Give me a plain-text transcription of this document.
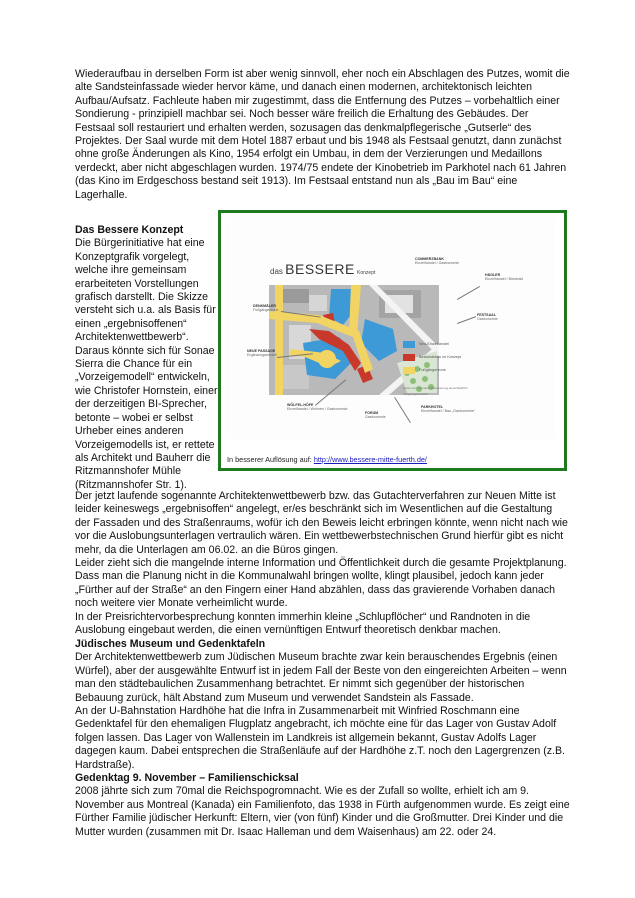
Wiederaufbau in derselben Form ist aber wenig sinnvoll, eher noch ein Abschlagen des Putzes, womit die alte Sandsteinfassade wieder hervor käme, und danach einen modernen, architektonisch leichten Aufbau/Aufsatz. Fachleute haben mir zugestimmt, dass die Entfernung des Putzes – vorbehaltlich einer Sondierung - prinzipiell machbar sei. Noch besser wäre freilich die Erhaltung des Gebäudes. Der Festsaal soll restauriert und erhalten werden, sozusagen das denkmalpflegerische „Gutserle“ des Projektes. Der Saal wurde mit dem Hotel 1887 erbaut und bis 1948 als Festsaal genutzt, dann zunächst ohne große Änderungen als Kino, 1954 erfolgt ein Umbau, in dem der Verzierungen und Medaillons verdeckt, aber nicht abgeschlagen wurden. 1974/75 endete der Kinobetrieb im Parkhotel nach 61 Jahren (das Kino im Erdgeschoss bestand seit 1913). Im Festsaal entstand nun als „Bau im Bau“ eine Lagerhalle.
Das Bessere Konzept
Die Bürgerinitiative hat eine Konzeptgrafik vorgelegt, welche ihre gemeinsam erarbeiteten Vorstellungen grafisch darstellt. Die Skizze versteht sich u.a. als Basis für einen „ergebnisoffenen“ Architektenwettbewerb“. Daraus könnte sich für Sonae Sierra die Chance für ein „Vorzeigemodell“ entwickeln, wie Christofer Hornstein, einer der derzeitigen BI-Sprecher, betonte – wobei er selbst Urheber eines anderen Vorzeigemodells ist, er rettete als Architekt und Bauherr die Ritzmannshofer Mühle (Ritzmannshofer Str. 1).
das BESSERE Konzept
DENKMÄLER
Fußgängerzone
NEUE PASSAGE
Ergänzungsmodell
WÖLFEL-HÖFE
Einzelhandel / Wohnen / Gastronomie
FORUM
Gastronomie
PARKHOTEL
Einzelhandel / Bau „Gastronomie“
COMMERZBANK
Einzelhandel / Gastronomie
HÄGLER
Einzelhandel / Bürotrakt
FESTSAAL
Gastronomie
Neu-Einzelhandel
Bestandsbau im Konzept
Fußgängerzone
Nutzer der Grundstücksbebauung ausschließlich
Tiefgaragenzufahrt
In besserer Auflösung auf: http://www.bessere-mitte-fuerth.de/
Der jetzt laufende sogenannte Architektenwettbewerb bzw. das Gutachterverfahren zur Neuen Mitte ist leider keineswegs „ergebnisoffen“ angelegt, er/es beschränkt sich im Wesentlichen auf die Gestaltung der Fassaden und des Straßenraums, wofür ich den Beweis leicht erbringen könnte, wenn nicht nach wie vor die Auslobungsunterlagen vertraulich wären. Ein wettbewerbstechnischen Grund hierfür gibt es nicht mehr, da die Unterlagen am 06.02. an die Büros gingen.
Leider zieht sich die mangelnde interne Information und Öffentlichkeit durch die gesamte Projektplanung. Dass man die Planung nicht in die Kommunalwahl bringen wollte, klingt plausibel, jedoch kann jeder „Fürther auf der Straße“ an den Fingern einer Hand abzählen, dass das gravierende Vorhaben danach noch weitere vier Monate verheimlicht wurde.
In der Preisrichtervorbesprechung konnten immerhin kleine „Schlupflöcher“ und Randnoten in die Auslobung eingebaut werden, die einen vernünftigen Entwurf theoretisch denkbar machen.
Jüdisches Museum und Gedenktafeln
Der Architektenwettbewerb zum Jüdischen Museum brachte zwar kein berauschendes Ergebnis (einen Würfel), aber der ausgewählte Entwurf ist in jedem Fall der Beste von den eingereichten Arbeiten – wenn man den städtebaulichen Zusammenhang betrachtet. Er nimmt sich gegenüber der historischen Bebauung zurück, hält Abstand zum Museum und verwendet Sandstein als Fassade.
An der U-Bahnstation Hardhöhe hat die Infra in Zusammenarbeit mit Winfried Roschmann eine Gedenktafel für den ehemaligen Flugplatz angebracht, ich möchte eine für das Lager von Gustav Adolf folgen lassen. Das Lager von Wallenstein im Landkreis ist allgemein bekannt, Gustav Adolfs Lager dagegen kaum. Dabei entsprechen die Straßenläufe auf der Hardhöhe z.T. noch den Lagergrenzen (z.B. Hardstraße).
Gedenktag 9. November – Familienschicksal
2008 jährte sich zum 70mal die Reichspogromnacht. Wie es der Zufall so wollte, erhielt ich am 9. November aus Montreal (Kanada) ein Familienfoto, das 1938 in Fürth aufgenommen wurde. Es zeigt eine Fürther Familie jüdischer Herkunft: Eltern, vier (von fünf) Kinder und die Großmutter. Drei Kinder und die Mutter wurden (zusammen mit Dr. Isaac Halleman und dem Waisenhaus) am 22. oder 24.
